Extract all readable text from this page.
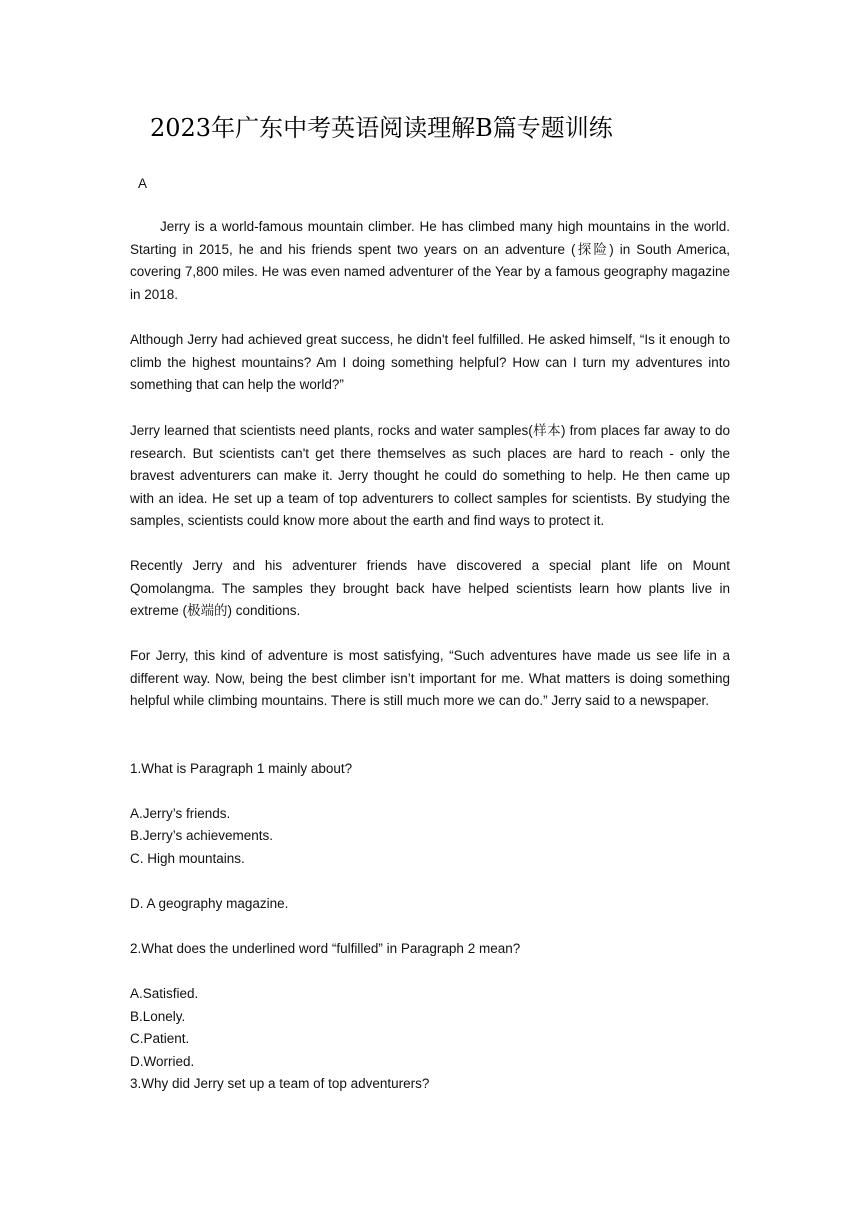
2023年广东中考英语阅读理解B篇专题训练
A

Jerry is a world-famous mountain climber. He has climbed many high mountains in the world. Starting in 2015, he and his friends spent two years on an adventure (探险) in South America, covering 7,800 miles. He was even named adventurer of the Year by a famous geography magazine in 2018.

Although Jerry had achieved great success, he didn't feel fulfilled. He asked himself, “Is it enough to climb the highest mountains? Am I doing something helpful? How can I turn my adventures into something that can help the world?”

Jerry learned that scientists need plants, rocks and water samples(样本) from places far away to do research. But scientists can't get there themselves as such places are hard to reach - only the bravest adventurers can make it. Jerry thought he could do something to help. He then came up with an idea. He set up a team of top adventurers to collect samples for scientists. By studying the samples, scientists could know more about the earth and find ways to protect it.

Recently Jerry and his adventurer friends have discovered a special plant life on Mount Qomolangma. The samples they brought back have helped scientists learn how plants live in extreme (极端的) conditions.

For Jerry, this kind of adventure is most satisfying, “Such adventures have made us see life in a different way. Now, being the best climber isn’t important for me. What matters is doing something helpful while climbing mountains. There is still much more we can do.” Jerry said to a newspaper.

1.What is Paragraph 1 mainly about?
A.Jerry’s friends.
B.Jerry’s achievements.
C. High mountains.
D. A geography magazine.
2.What does the underlined word “fulfilled” in Paragraph 2 mean?
A.Satisfied.
B.Lonely.
C.Patient.
D.Worried.
3.Why did Jerry set up a team of top adventurers?
